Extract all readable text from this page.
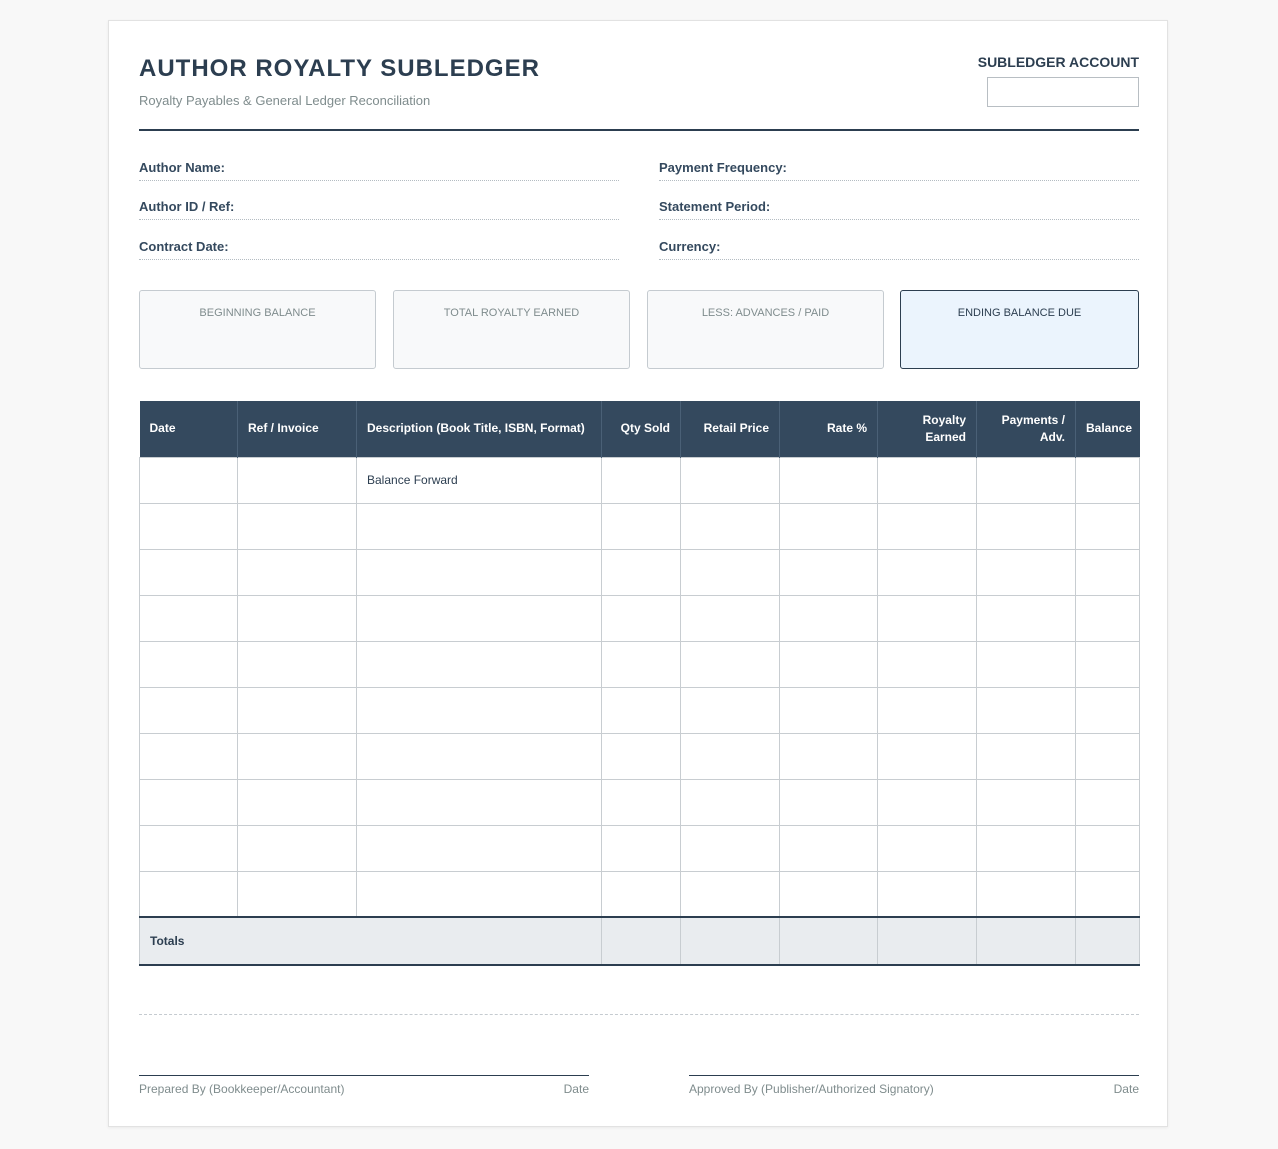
AUTHOR ROYALTY SUBLEDGER
Royalty Payables & General Ledger Reconciliation
SUBLEDGER ACCOUNT
Author Name:
Author ID / Ref:
Contract Date:
Payment Frequency:
Statement Period:
Currency:
BEGINNING BALANCE	TOTAL ROYALTY EARNED	LESS: ADVANCES / PAID	ENDING BALANCE DUE
Date	Ref / Invoice	Description (Book Title, ISBN, Format)	Qty Sold	Retail Price	Rate %	Royalty Earned	Payments / Adv.	Balance
		Balance Forward						

Totals								
Prepared By (Bookkeeper/Accountant)	Date	Approved By (Publisher/Authorized Signatory)	Date
